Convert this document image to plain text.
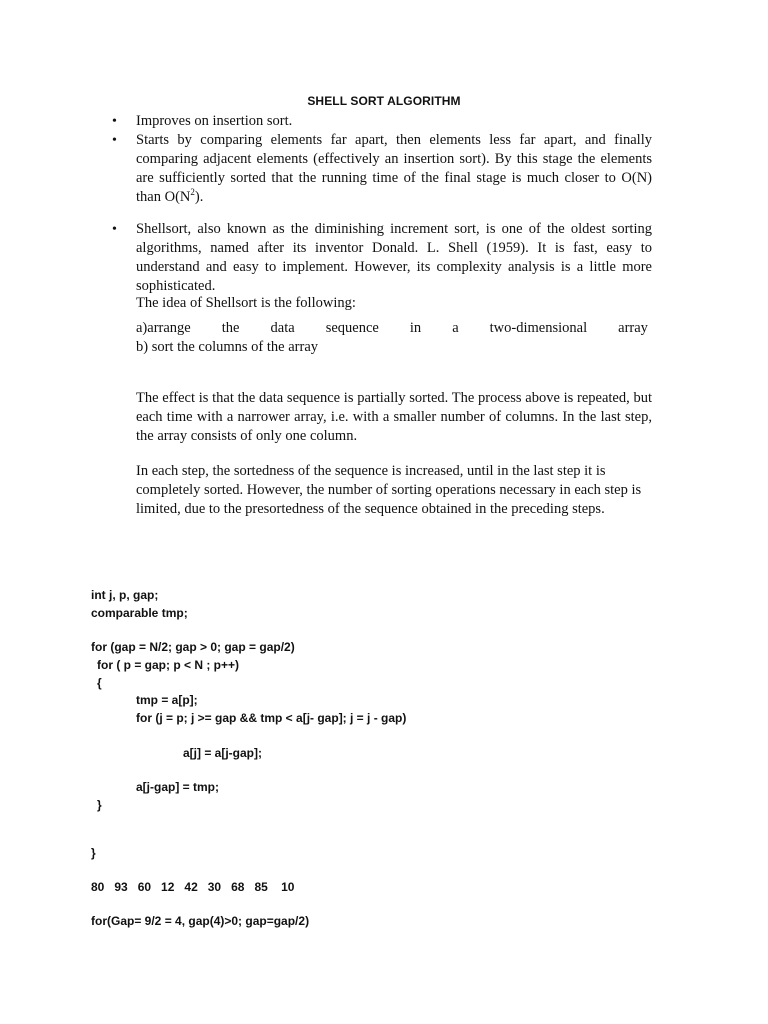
SHELL SORT ALGORITHM
•	Improves on insertion sort.
•	Starts by comparing elements far apart, then elements less far apart, and finally comparing adjacent elements (effectively an insertion sort). By this stage the elements are sufficiently sorted that the running time of the final stage is much closer to O(N) than $O(N^2)$.
•	Shellsort, also known as the diminishing increment sort, is one of the oldest sorting algorithms, named after its inventor Donald. L. Shell (1959). It is fast, easy to understand and easy to implement. However, its complexity analysis is a little more sophisticated.
The idea of Shellsort is the following:
a)arrange the data sequence in a two-dimensional array
b) sort the columns of the array
The effect is that the data sequence is partially sorted. The process above is repeated, but each time with a narrower array, i.e. with a smaller number of columns. In the last step, the array consists of only one column.
In each step, the sortedness of the sequence is increased, until in the last step it is completely sorted. However, the number of sorting operations necessary in each step is limited, due to the presortedness of the sequence obtained in the preceding steps.
int j, p, gap;
comparable tmp;
for (gap = N/2; gap > 0; gap = gap/2)
for ( p = gap; p < N ; p++)
{
tmp = a[p];
for (j = p; j >= gap && tmp < a[j- gap]; j = j - gap)
a[j] = a[j-gap];
a[j-gap] = tmp;
}
}
80   93   60   12   42   30   68   85    10
for(Gap= 9/2 = 4, gap(4)>0; gap=gap/2)
